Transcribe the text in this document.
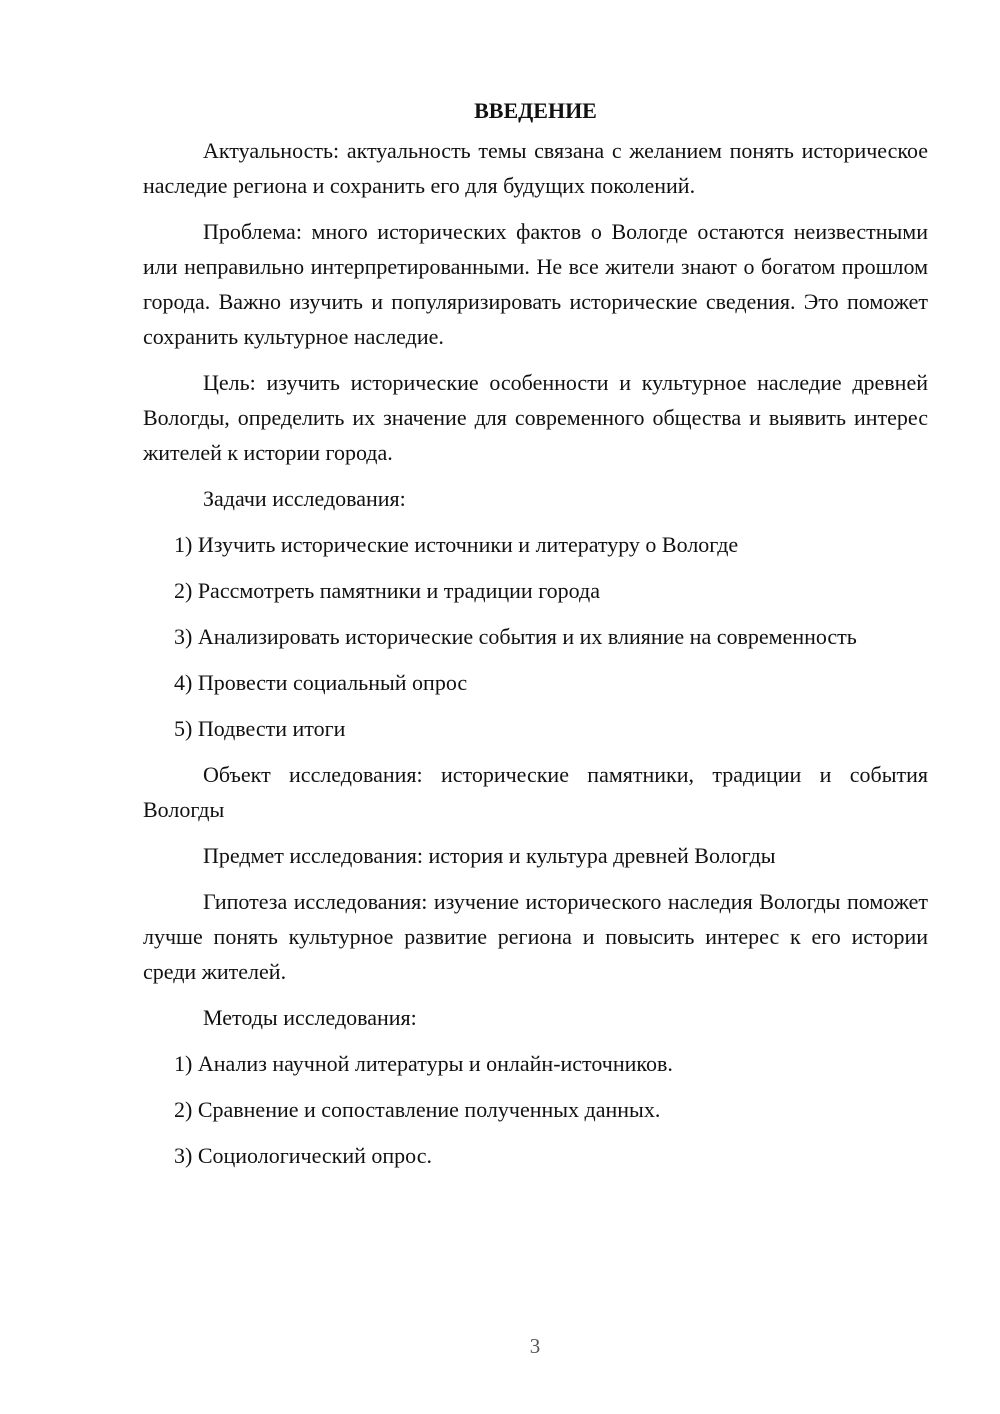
ВВЕДЕНИЕ

Актуальность: актуальность темы связана с желанием понять историческое наследие региона и сохранить его для будущих поколений.

Проблема: много исторических фактов о Вологде остаются неизвестными или неправильно интерпретированными. Не все жители знают о богатом прошлом города. Важно изучить и популяризировать исторические сведения. Это поможет сохранить культурное наследие.

Цель: изучить исторические особенности и культурное наследие древней Вологды, определить их значение для современного общества и выявить интерес жителей к истории города.

Задачи исследования:

1) Изучить исторические источники и литературу о Вологде

2) Рассмотреть памятники и традиции города

3) Анализировать исторические события и их влияние на современность

4) Провести социальный опрос

5) Подвести итоги

Объект исследования: исторические памятники, традиции и события Вологды

Предмет исследования: история и культура древней Вологды

Гипотеза исследования: изучение исторического наследия Вологды поможет лучше понять культурное развитие региона и повысить интерес к его истории среди жителей.

Методы исследования:

1) Анализ научной литературы и онлайн-источников.

2) Сравнение и сопоставление полученных данных.

3) Социологический опрос.

3
